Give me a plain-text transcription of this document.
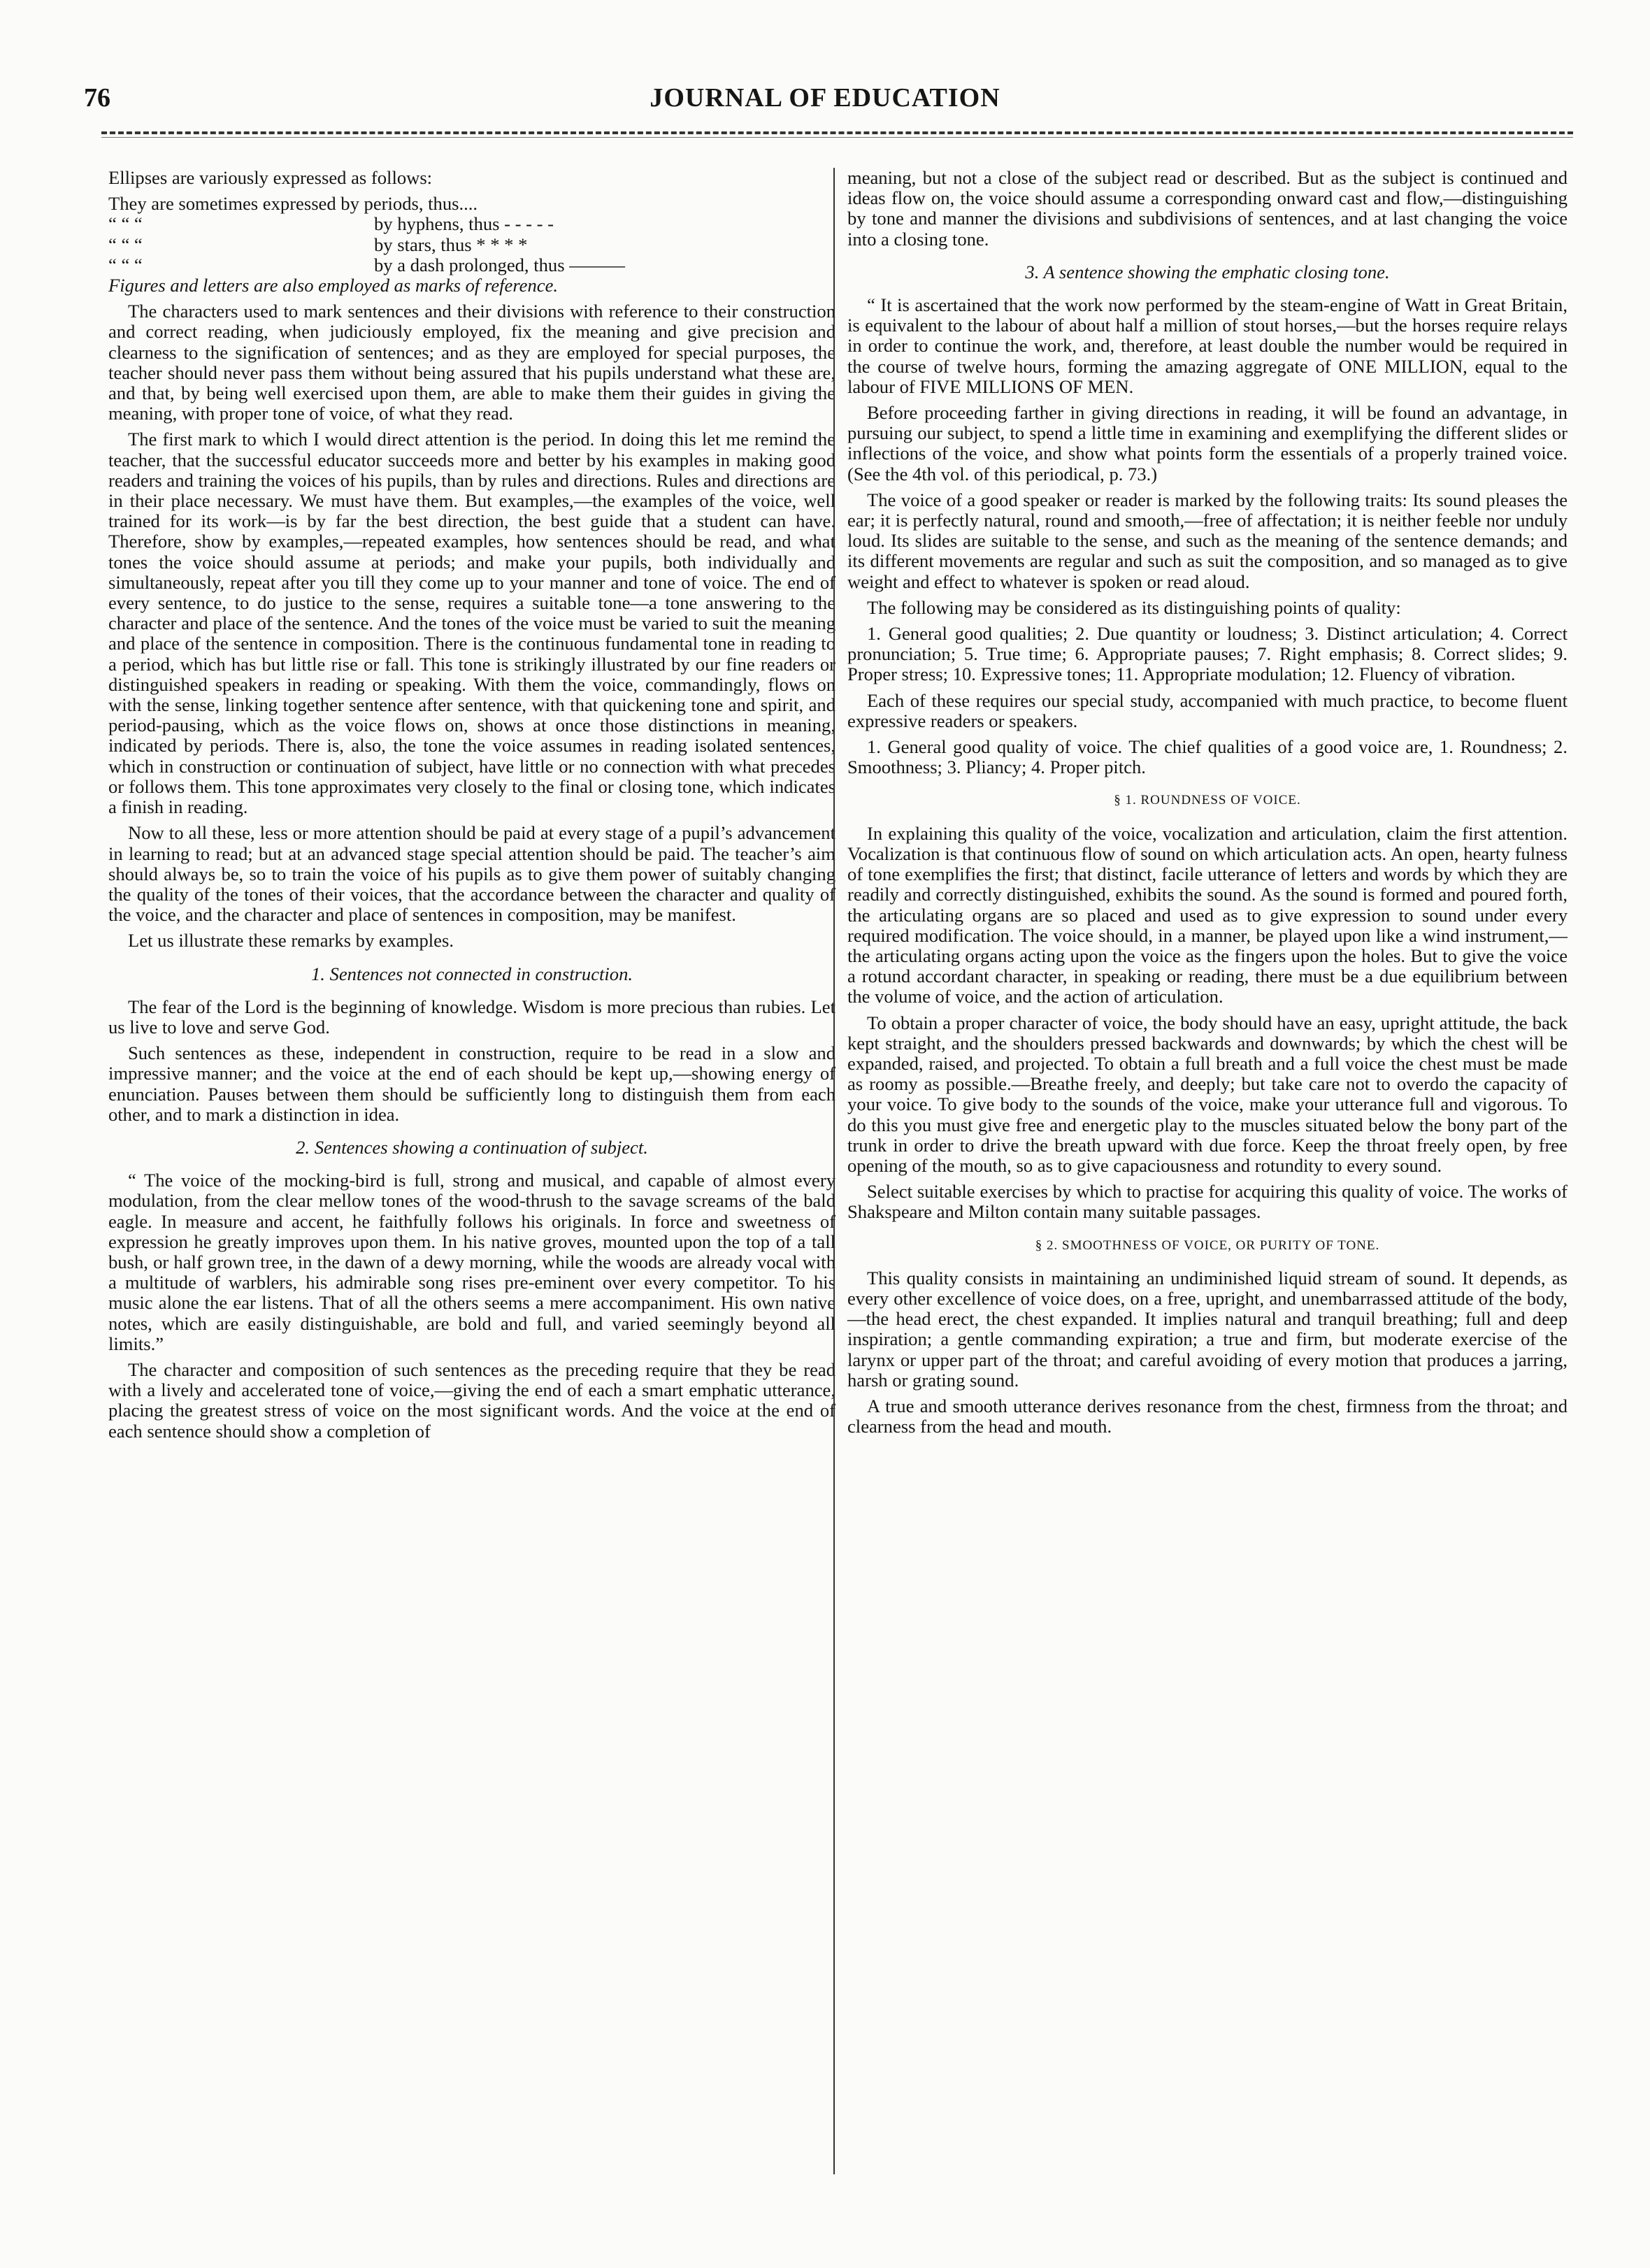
76	JOURNAL OF EDUCATION

Ellipses are variously expressed as follows:

They are sometimes expressed by periods, thus....
“ “ “	by hyphens, thus - - - - -
“ “ “	by stars, thus * * * *
“ “ “	by a dash prolonged, thus ———

Figures and letters are also employed as marks of reference.

The characters used to mark sentences and their divisions with reference to their construction and correct reading, when judiciously employed, fix the meaning and give precision and clearness to the signification of sentences; and as they are employed for special purposes, the teacher should never pass them without being assured that his pupils understand what these are, and that, by being well exercised upon them, are able to make them their guides in giving the meaning, with proper tone of voice, of what they read.

The first mark to which I would direct attention is the period. In doing this let me remind the teacher, that the successful educator succeeds more and better by his examples in making good readers and training the voices of his pupils, than by rules and directions. Rules and directions are in their place necessary. We must have them. But examples,—the examples of the voice, well trained for its work—is by far the best direction, the best guide that a student can have. Therefore, show by examples,—repeated examples, how sentences should be read, and what tones the voice should assume at periods; and make your pupils, both individually and simultaneously, repeat after you till they come up to your manner and tone of voice. The end of every sentence, to do justice to the sense, requires a suitable tone—a tone answering to the character and place of the sentence. And the tones of the voice must be varied to suit the meaning and place of the sentence in composition. There is the continuous fundamental tone in reading to a period, which has but little rise or fall. This tone is strikingly illustrated by our fine readers or distinguished speakers in reading or speaking. With them the voice, commandingly, flows on with the sense, linking together sentence after sentence, with that quickening tone and spirit, and period-pausing, which as the voice flows on, shows at once those distinctions in meaning, indicated by periods. There is, also, the tone the voice assumes in reading isolated sentences, which in construction or continuation of subject, have little or no connection with what precedes or follows them. This tone approximates very closely to the final or closing tone, which indicates a finish in reading.

Now to all these, less or more attention should be paid at every stage of a pupil’s advancement in learning to read; but at an advanced stage special attention should be paid. The teacher’s aim should always be, so to train the voice of his pupils as to give them power of suitably changing the quality of the tones of their voices, that the accordance between the character and quality of the voice, and the character and place of sentences in composition, may be manifest.

Let us illustrate these remarks by examples.

1. Sentences not connected in construction.

The fear of the Lord is the beginning of knowledge. Wisdom is more precious than rubies. Let us live to love and serve God.

Such sentences as these, independent in construction, require to be read in a slow and impressive manner; and the voice at the end of each should be kept up,—showing energy of enunciation. Pauses between them should be sufficiently long to distinguish them from each other, and to mark a distinction in idea.

2. Sentences showing a continuation of subject.

“ The voice of the mocking-bird is full, strong and musical, and capable of almost every modulation, from the clear mellow tones of the wood-thrush to the savage screams of the bald eagle. In measure and accent, he faithfully follows his originals. In force and sweetness of expression he greatly improves upon them. In his native groves, mounted upon the top of a tall bush, or half grown tree, in the dawn of a dewy morning, while the woods are already vocal with a multitude of warblers, his admirable song rises pre-eminent over every competitor. To his music alone the ear listens. That of all the others seems a mere accompaniment. His own native notes, which are easily distinguishable, are bold and full, and varied seemingly beyond all limits.”

The character and composition of such sentences as the preceding require that they be read with a lively and accelerated tone of voice,—giving the end of each a smart emphatic utterance, placing the greatest stress of voice on the most significant words. And the voice at the end of each sentence should show a completion of

meaning, but not a close of the subject read or described. But as the subject is continued and ideas flow on, the voice should assume a corresponding onward cast and flow,—distinguishing by tone and manner the divisions and subdivisions of sentences, and at last changing the voice into a closing tone.

3. A sentence showing the emphatic closing tone.

“ It is ascertained that the work now performed by the steam-engine of Watt in Great Britain, is equivalent to the labour of about half a million of stout horses,—but the horses require relays in order to continue the work, and, therefore, at least double the number would be required in the course of twelve hours, forming the amazing aggregate of ONE MILLION, equal to the labour of FIVE MILLIONS OF MEN.

Before proceeding farther in giving directions in reading, it will be found an advantage, in pursuing our subject, to spend a little time in examining and exemplifying the different slides or inflections of the voice, and show what points form the essentials of a properly trained voice. (See the 4th vol. of this periodical, p. 73.)

The voice of a good speaker or reader is marked by the following traits: Its sound pleases the ear; it is perfectly natural, round and smooth,—free of affectation; it is neither feeble nor unduly loud. Its slides are suitable to the sense, and such as the meaning of the sentence demands; and its different movements are regular and such as suit the composition, and so managed as to give weight and effect to whatever is spoken or read aloud.

The following may be considered as its distinguishing points of quality:

1. General good qualities; 2. Due quantity or loudness; 3. Distinct articulation; 4. Correct pronunciation; 5. True time; 6. Appropriate pauses; 7. Right emphasis; 8. Correct slides; 9. Proper stress; 10. Expressive tones; 11. Appropriate modulation; 12. Fluency of vibration.

Each of these requires our special study, accompanied with much practice, to become fluent expressive readers or speakers.

1. General good quality of voice. The chief qualities of a good voice are, 1. Roundness; 2. Smoothness; 3. Pliancy; 4. Proper pitch.

§ 1. ROUNDNESS OF VOICE.

In explaining this quality of the voice, vocalization and articulation, claim the first attention. Vocalization is that continuous flow of sound on which articulation acts. An open, hearty fulness of tone exemplifies the first; that distinct, facile utterance of letters and words by which they are readily and correctly distinguished, exhibits the sound. As the sound is formed and poured forth, the articulating organs are so placed and used as to give expression to sound under every required modification. The voice should, in a manner, be played upon like a wind instrument,—the articulating organs acting upon the voice as the fingers upon the holes. But to give the voice a rotund accordant character, in speaking or reading, there must be a due equilibrium between the volume of voice, and the action of articulation.

To obtain a proper character of voice, the body should have an easy, upright attitude, the back kept straight, and the shoulders pressed backwards and downwards; by which the chest will be expanded, raised, and projected. To obtain a full breath and a full voice the chest must be made as roomy as possible.—Breathe freely, and deeply; but take care not to overdo the capacity of your voice. To give body to the sounds of the voice, make your utterance full and vigorous. To do this you must give free and energetic play to the muscles situated below the bony part of the trunk in order to drive the breath upward with due force. Keep the throat freely open, by free opening of the mouth, so as to give capaciousness and rotundity to every sound.

Select suitable exercises by which to practise for acquiring this quality of voice. The works of Shakspeare and Milton contain many suitable passages.

§ 2. SMOOTHNESS OF VOICE, OR PURITY OF TONE.

This quality consists in maintaining an undiminished liquid stream of sound. It depends, as every other excellence of voice does, on a free, upright, and unembarrassed attitude of the body,—the head erect, the chest expanded. It implies natural and tranquil breathing; full and deep inspiration; a gentle commanding expiration; a true and firm, but moderate exercise of the larynx or upper part of the throat; and careful avoiding of every motion that produces a jarring, harsh or grating sound.

A true and smooth utterance derives resonance from the chest, firmness from the throat; and clearness from the head and mouth.
